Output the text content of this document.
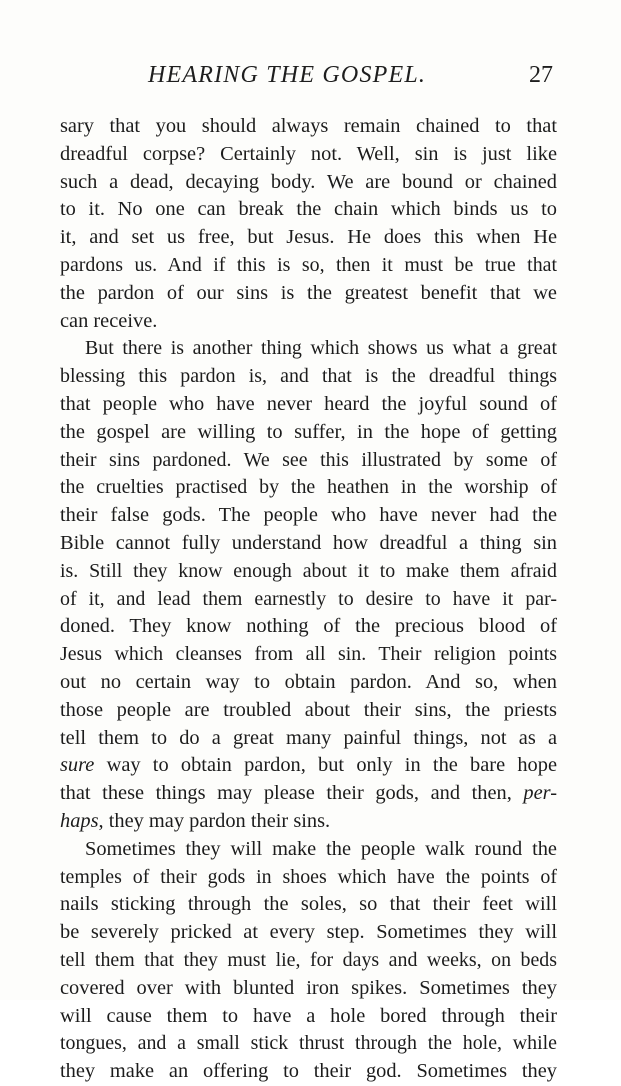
HEARING THE GOSPEL.	27
sary that you should always remain chained to that
dreadful corpse? Certainly not. Well, sin is just like
such a dead, decaying body. We are bound or chained
to it. No one can break the chain which binds us to
it, and set us free, but Jesus. He does this when He
pardons us. And if this is so, then it must be true that
the pardon of our sins is the greatest benefit that we
can receive.
But there is another thing which shows us what a great
blessing this pardon is, and that is the dreadful things
that people who have never heard the joyful sound of
the gospel are willing to suffer, in the hope of getting
their sins pardoned. We see this illustrated by some of
the cruelties practised by the heathen in the worship of
their false gods. The people who have never had the
Bible cannot fully understand how dreadful a thing sin
is. Still they know enough about it to make them afraid
of it, and lead them earnestly to desire to have it par-
doned. They know nothing of the precious blood of
Jesus which cleanses from all sin. Their religion points
out no certain way to obtain pardon. And so, when
those people are troubled about their sins, the priests
tell them to do a great many painful things, not as a
sure way to obtain pardon, but only in the bare hope
that these things may please their gods, and then, per-
haps, they may pardon their sins.
Sometimes they will make the people walk round the
temples of their gods in shoes which have the points of
nails sticking through the soles, so that their feet will
be severely pricked at every step. Sometimes they will
tell them that they must lie, for days and weeks, on beds
covered over with blunted iron spikes. Sometimes they
will cause them to have a hole bored through their
tongues, and a small stick thrust through the hole, while
they make an offering to their god. Sometimes they
